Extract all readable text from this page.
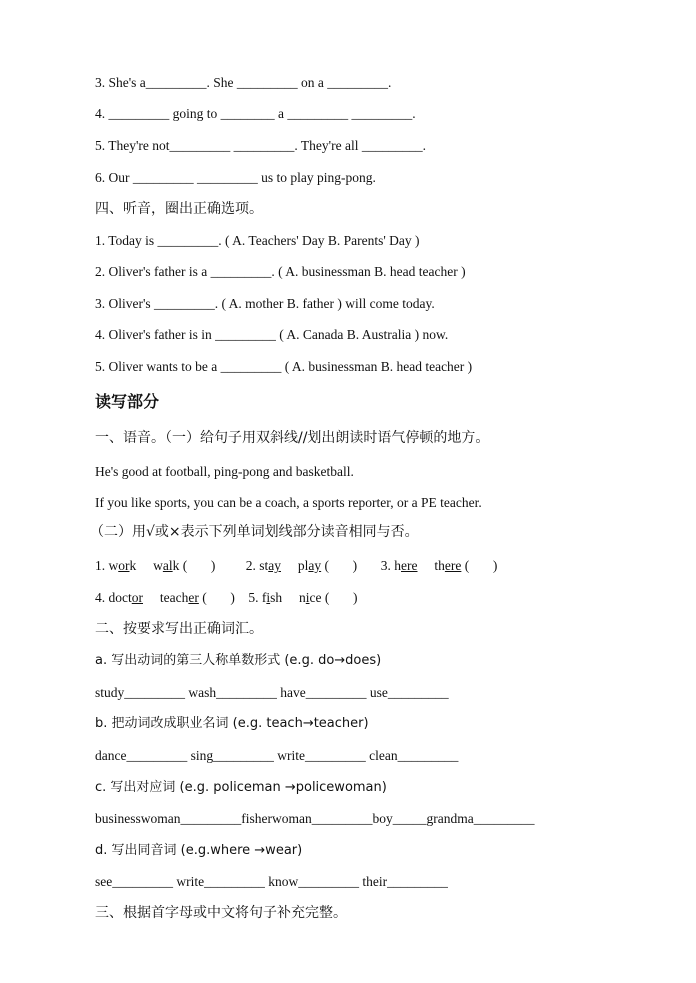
3. She's a_________. She _________ on a _________.
4. _________ going to ________ a _________ _________.
5. They're not_________ _________. They're all _________.
6. Our _________ _________ us to play ping-pong.
四、听音，圈出正确选项。
1. Today is _________. ( A. Teachers' Day B. Parents' Day )
2. Oliver's father is a _________. ( A. businessman B. head teacher )
3. Oliver's _________. ( A. mother B. father ) will come today.
4. Oliver's father is in _________ ( A. Canada B. Australia ) now.
5. Oliver wants to be a _________ ( A. businessman B. head teacher )
读写部分
一、语音。（一）给句子用双斜线//划出朗读时语气停顿的地方。
He's good at football, ping-pong and basketball.
If you like sports, you can be a coach, a sports reporter, or a PE teacher.
（二）用√或×表示下列单词划线部分读音相同与否。
二、按要求写出正确词汇。
a. 写出动词的第三人称单数形式 (e.g. do→does)
study_________ wash_________ have_________ use_________
b. 把动词改成职业名词 (e.g. teach→teacher)
dance_________ sing_________ write_________ clean_________
c. 写出对应词 (e.g. policeman →policewoman)
businesswoman_________fisherwoman_________boy_____grandma_________
d. 写出同音词 (e.g.where →wear)
see_________ write_________ know_________ their_________
三、根据首字母或中文将句子补充完整。
1. work     walk (       )         2. stay     play (       )       3. here     there (       )
4. doctor     teacher (       )    5. fish     nice (       )
